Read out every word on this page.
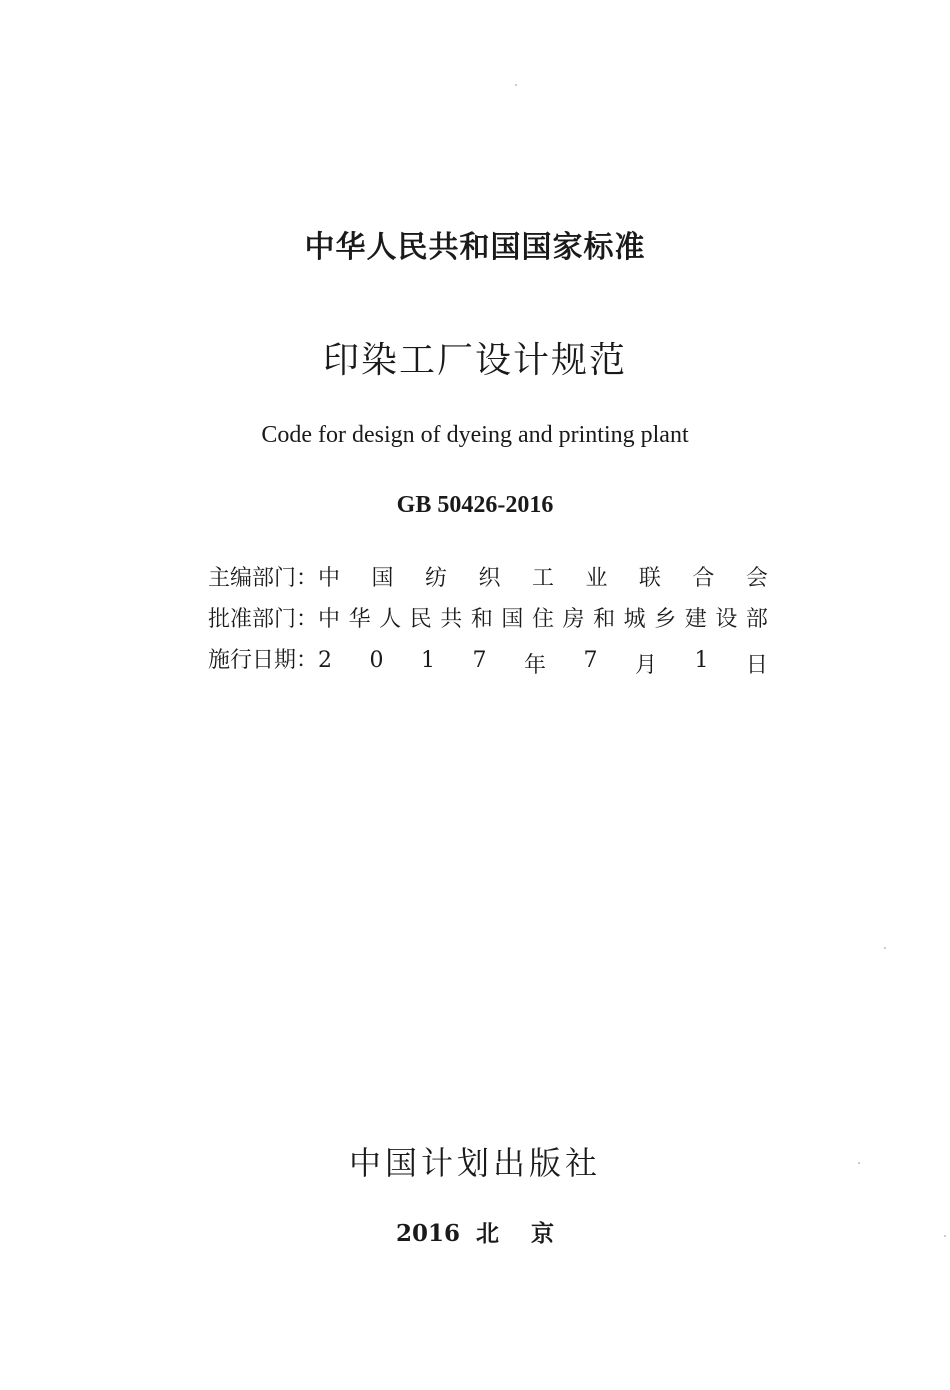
中华人民共和国国家标准
印染工厂设计规范
Code for design of dyeing and printing plant
GB 50426-2016
主编部门： 中 国 纺 织 工 业 联 合 会
批准部门： 中 华 人 民 共 和 国 住 房 和 城 乡 建 设 部
施行日期： 2 0 1 7 年 7 月 1 日
中国计划出版社
2016  北    京
